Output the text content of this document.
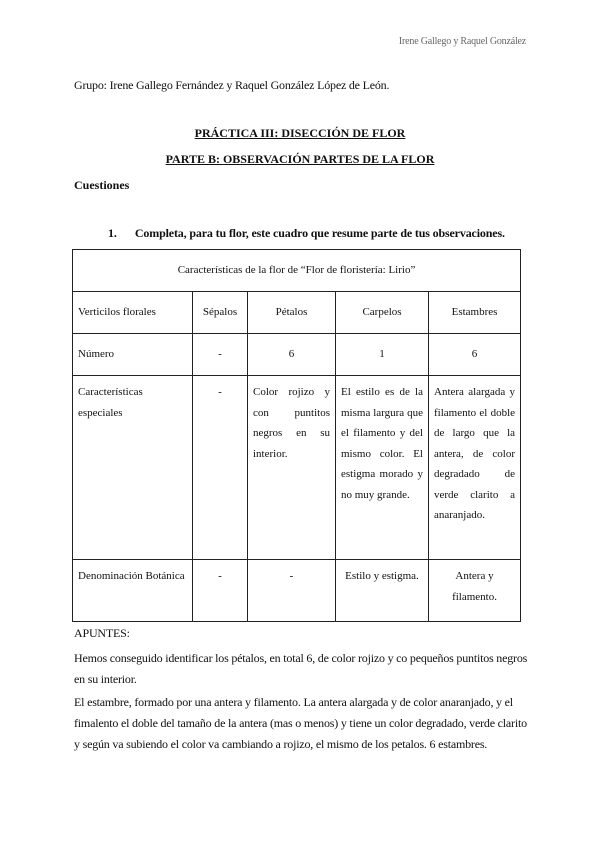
Irene Gallego y Raquel González
Grupo: Irene Gallego Fernández y Raquel González López de León.
PRÁCTICA III: DISECCIÓN DE FLOR
PARTE B: OBSERVACIÓN PARTES DE LA FLOR
Cuestiones
1. Completa, para tu flor, este cuadro que resume parte de tus observaciones.
Características de la flor de “Flor de floristería: Lirio”				
Verticilos florales	Sépalos	Pétalos	Carpelos	Estambres
Número	-	6	1	6
Características especiales	-	Color rojizo y con puntitos negros en su interior.	El estilo es de la misma largura que el filamento y del mismo color. El estigma morado y no muy grande.	Antera alargada y filamento el doble de largo que la antera, de color degradado de verde clarito a anaranjado.
Denominación Botánica	-	-	Estilo y estigma.	Antera y filamento.

APUNTES:

Hemos conseguido identificar los pétalos, en total 6, de color rojizo y co pequeños puntitos negros en su interior.

El estambre, formado por una antera y filamento. La antera alargada y de color anaranjado, y el fimalento el doble del tamaño de la antera (mas o menos) y tiene un color degradado, verde clarito y según va subiendo el color va cambiando a rojizo, el mismo de los petalos. 6 estambres.
